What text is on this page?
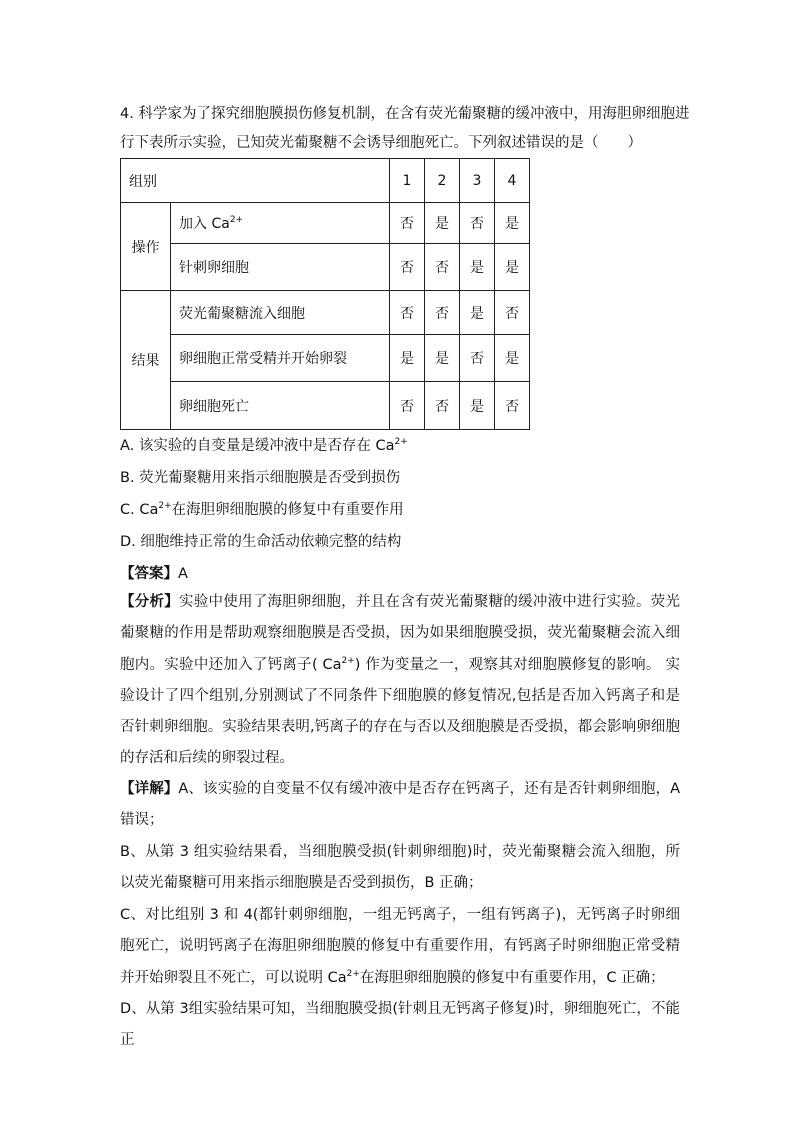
4. 科学家为了探究细胞膜损伤修复机制，在含有荧光葡聚糖的缓冲液中，用海胆卵细胞进
行下表所示实验，已知荧光葡聚糖不会诱导细胞死亡。下列叙述错误的是（　　）
组别		1	2	3	4
操作	加入 $Ca^{2+}$	否	是	否	是
	针刺卵细胞	否	否	是	是
结果	荧光葡聚糖流入细胞	否	否	是	否
	卵细胞正常受精并开始卵裂	是	是	否	是
	卵细胞死亡	否	否	是	否
A. 该实验的自变量是缓冲液中是否存在 $Ca^{2+}$
B. 荧光葡聚糖用来指示细胞膜是否受到损伤
C. $Ca^{2+}$在海胆卵细胞膜的修复中有重要作用
D. 细胞维持正常的生命活动依赖完整的结构
【答案】A
【分析】实验中使用了海胆卵细胞，并且在含有荧光葡聚糖的缓冲液中进行实验。荧光葡聚糖的作用是帮助观察细胞膜是否受损，因为如果细胞膜受损，荧光葡聚糖会流入细胞内。实验中还加入了钙离子( $Ca^{2+}$) 作为变量之一，观察其对细胞膜修复的影响。 实验设计了四个组别,分别测试了不同条件下细胞膜的修复情况,包括是否加入钙离子和是否针刺卵细胞。实验结果表明,钙离子的存在与否以及细胞膜是否受损，都会影响卵细胞的存活和后续的卵裂过程。
【详解】A、该实验的自变量不仅有缓冲液中是否存在钙离子，还有是否针刺卵细胞，A 错误；
B、从第 3 组实验结果看，当细胞膜受损(针刺卵细胞)时，荧光葡聚糖会流入细胞，所以荧光葡聚糖可用来指示细胞膜是否受到损伤，B 正确；
C、对比组别 3 和 4(都针刺卵细胞，一组无钙离子，一组有钙离子)，无钙离子时卵细胞死亡，说明钙离子在海胆卵细胞膜的修复中有重要作用，有钙离子时卵细胞正常受精并开始卵裂且不死亡，可以说明 $Ca^{2+}$在海胆卵细胞膜的修复中有重要作用，C 正确；
D、从第 3组实验结果可知，当细胞膜受损(针刺且无钙离子修复)时，卵细胞死亡，不能正
